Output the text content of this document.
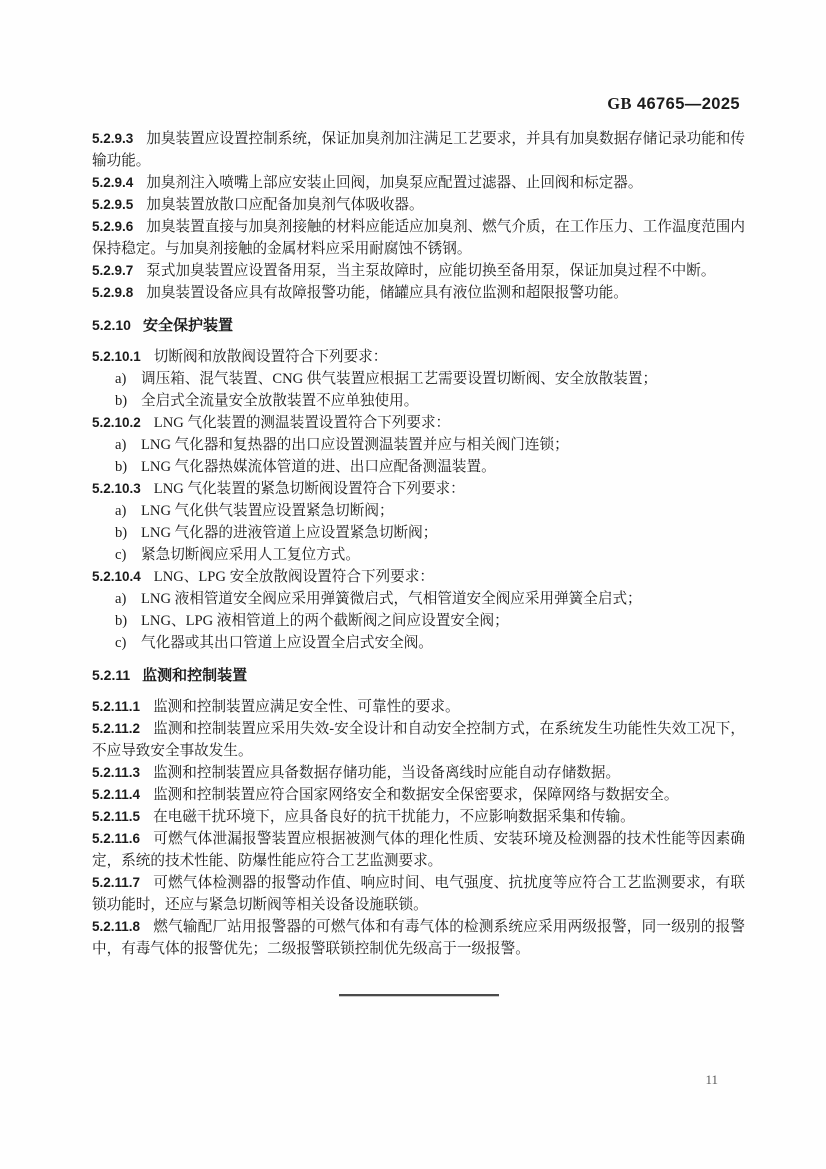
GB 46765—2025

5.2.9.3 加臭装置应设置控制系统，保证加臭剂加注满足工艺要求，并具有加臭数据存储记录功能和传输功能。

5.2.9.4 加臭剂注入喷嘴上部应安装止回阀，加臭泵应配置过滤器、止回阀和标定器。

5.2.9.5 加臭装置放散口应配备加臭剂气体吸收器。

5.2.9.6 加臭装置直接与加臭剂接触的材料应能适应加臭剂、燃气介质，在工作压力、工作温度范围内保持稳定。与加臭剂接触的金属材料应采用耐腐蚀不锈钢。

5.2.9.7 泵式加臭装置应设置备用泵，当主泵故障时，应能切换至备用泵，保证加臭过程不中断。

5.2.9.8 加臭装置设备应具有故障报警功能，储罐应具有液位监测和超限报警功能。

5.2.10 安全保护装置

5.2.10.1 切断阀和放散阀设置符合下列要求：

a) 调压箱、混气装置、CNG 供气装置应根据工艺需要设置切断阀、安全放散装置；

b) 全启式全流量安全放散装置不应单独使用。

5.2.10.2 LNG 气化装置的测温装置设置符合下列要求：

a) LNG 气化器和复热器的出口应设置测温装置并应与相关阀门连锁；

b) LNG 气化器热媒流体管道的进、出口应配备测温装置。

5.2.10.3 LNG 气化装置的紧急切断阀设置符合下列要求：

a) LNG 气化供气装置应设置紧急切断阀；

b) LNG 气化器的进液管道上应设置紧急切断阀；

c) 紧急切断阀应采用人工复位方式。

5.2.10.4 LNG、LPG 安全放散阀设置符合下列要求：

a) LNG 液相管道安全阀应采用弹簧微启式，气相管道安全阀应采用弹簧全启式；

b) LNG、LPG 液相管道上的两个截断阀之间应设置安全阀；

c) 气化器或其出口管道上应设置全启式安全阀。

5.2.11 监测和控制装置

5.2.11.1 监测和控制装置应满足安全性、可靠性的要求。

5.2.11.2 监测和控制装置应采用失效-安全设计和自动安全控制方式，在系统发生功能性失效工况下，不应导致安全事故发生。

5.2.11.3 监测和控制装置应具备数据存储功能，当设备离线时应能自动存储数据。

5.2.11.4 监测和控制装置应符合国家网络安全和数据安全保密要求，保障网络与数据安全。

5.2.11.5 在电磁干扰环境下，应具备良好的抗干扰能力，不应影响数据采集和传输。

5.2.11.6 可燃气体泄漏报警装置应根据被测气体的理化性质、安装环境及检测器的技术性能等因素确定，系统的技术性能、防爆性能应符合工艺监测要求。

5.2.11.7 可燃气体检测器的报警动作值、响应时间、电气强度、抗扰度等应符合工艺监测要求，有联锁功能时，还应与紧急切断阀等相关设备设施联锁。

5.2.11.8 燃气输配厂站用报警器的可燃气体和有毒气体的检测系统应采用两级报警，同一级别的报警中，有毒气体的报警优先；二级报警联锁控制优先级高于一级报警。

11
